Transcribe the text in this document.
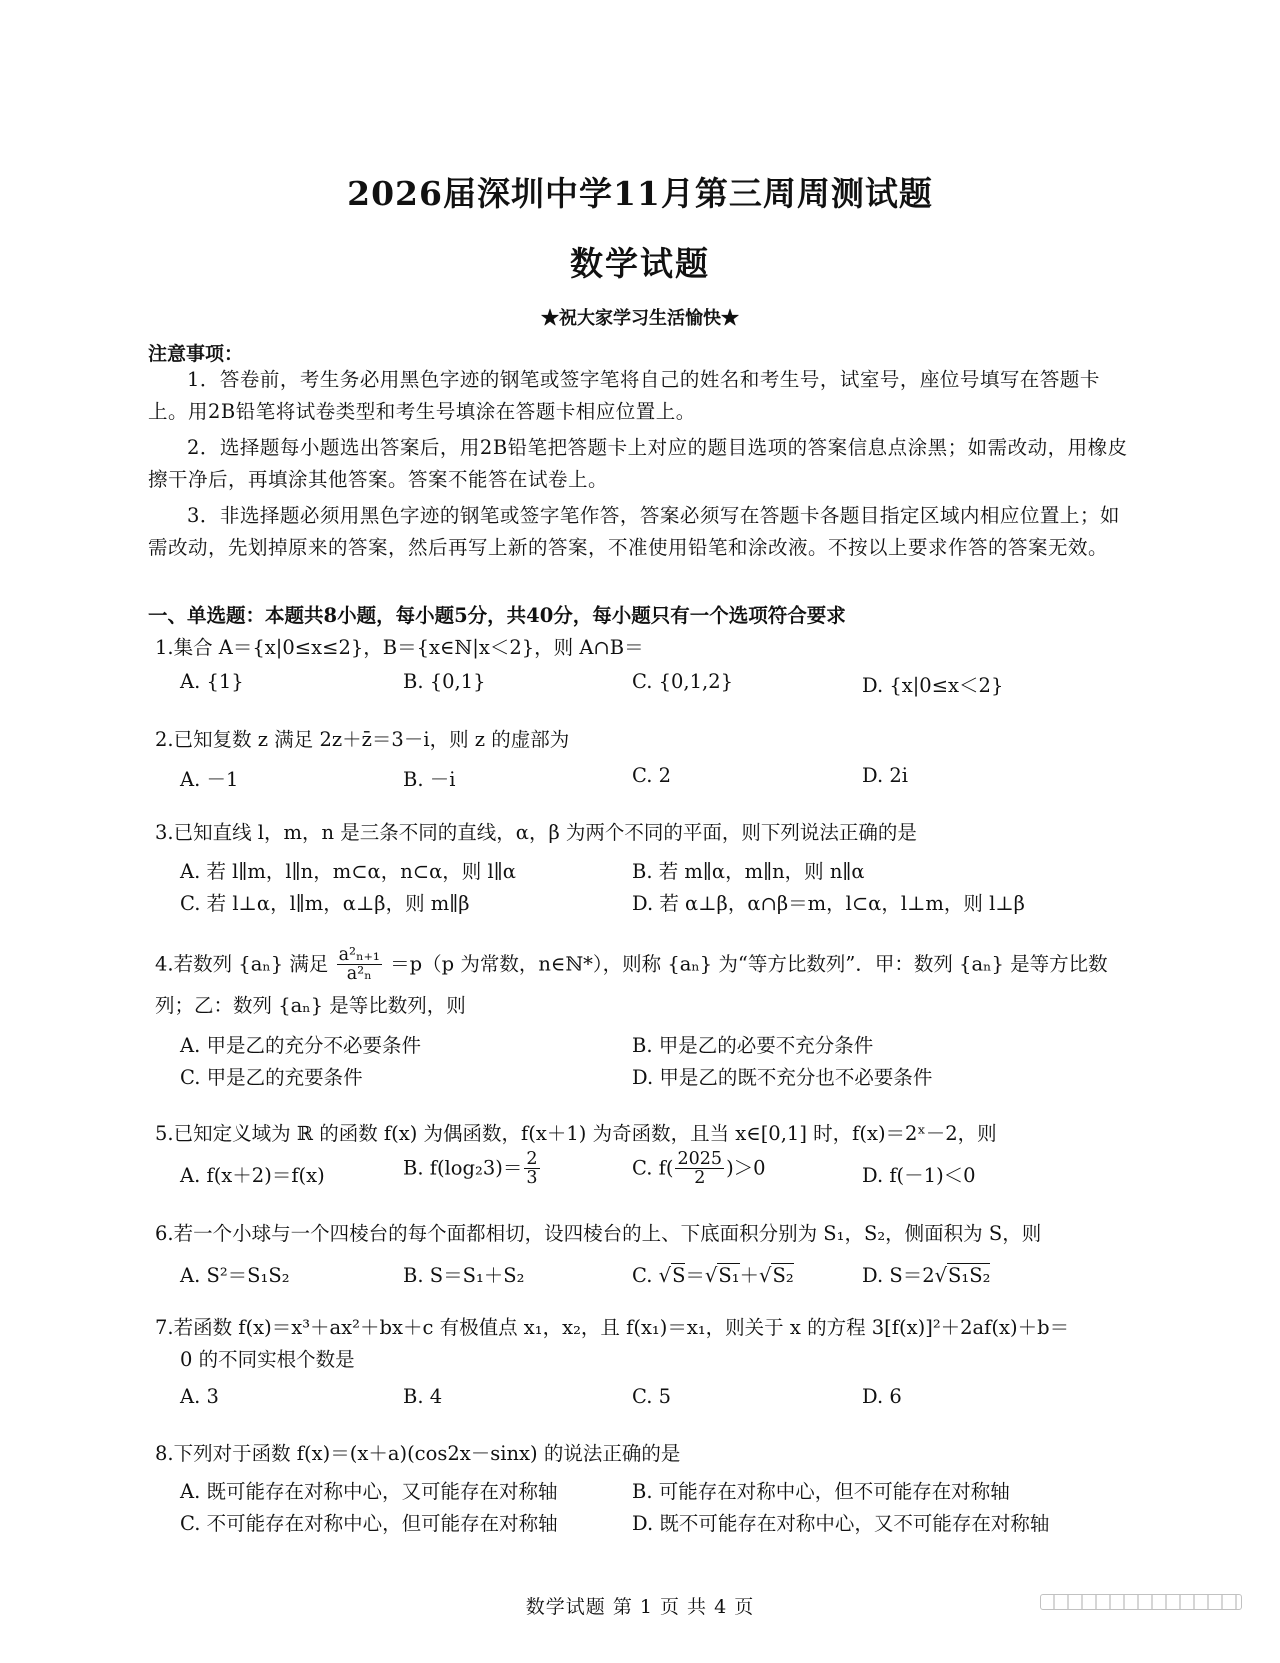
2026届深圳中学11月第三周周测试题
数学试题
★祝大家学习生活愉快★
注意事项：
1．答卷前，考生务必用黑色字迹的钢笔或签字笔将自己的姓名和考生号，试室号，座位号填写在答题卡上。用2B铅笔将试卷类型和考生号填涂在答题卡相应位置上。
2．选择题每小题选出答案后，用2B铅笔把答题卡上对应的题目选项的答案信息点涂黑；如需改动，用橡皮擦干净后，再填涂其他答案。答案不能答在试卷上。
3．非选择题必须用黑色字迹的钢笔或签字笔作答，答案必须写在答题卡各题目指定区域内相应位置上；如需改动，先划掉原来的答案，然后再写上新的答案，不准使用铅笔和涂改液。不按以上要求作答的答案无效。
一、单选题：本题共8小题，每小题5分，共40分，每小题只有一个选项符合要求
1.集合 A＝{x|0≤x≤2}，B＝{x∈ℕ|x＜2}，则 A∩B＝
A. {1}	B. {0,1}	C. {0,1,2}	D. {x|0≤x＜2}
2.已知复数 z 满足 2z＋z̄＝3－i，则 z 的虚部为
A. －1	B. －i	C. 2	D. 2i
3.已知直线 l，m，n 是三条不同的直线，α，β 为两个不同的平面，则下列说法正确的是
A. 若 l∥m，l∥n，m⊂α，n⊂α，则 l∥α	B. 若 m∥α，m∥n，则 n∥α
C. 若 l⊥α，l∥m，α⊥β，则 m∥β	D. 若 α⊥β，α∩β＝m，l⊂α，l⊥m，则 l⊥β
4.若数列 {aₙ} 满足 $\frac{\text{a²ₙ₊₁}}{\text{a²ₙ}} =p(p$ 为常数，n∈ℕ*），则称 {aₙ} 为“等方比数列”．甲：数列 {aₙ} 是等方比数
列；乙：数列 {aₙ} 是等比数列，则
A. 甲是乙的充分不必要条件	B. 甲是乙的必要不充分条件
C. 甲是乙的充要条件	D. 甲是乙的既不充分也不必要条件
5.已知定义域为 ℝ 的函数 f(x) 为偶函数，f(x＋1) 为奇函数，且当 x∈[0,1] 时，f(x)＝2ˣ－2，则
A. f(x＋2)＝f(x)	B. $f(\log_23)= \frac{2}{3}$	C. $f( \frac{2025}{2} )>0$	D. f(－1)＜0
6.若一个小球与一个四棱台的每个面都相切，设四棱台的上、下底面积分别为 S₁，S₂，侧面积为 S，则
A. S²＝S₁S₂	B. S＝S₁＋S₂	C. √S＝√S₁＋√S₂	D. S＝2√S₁S₂
7.若函数 f(x)＝x³＋ax²＋bx＋c 有极值点 x₁，x₂，且 f(x₁)＝x₁，则关于 x 的方程 3[f(x)]²＋2af(x)＋b＝
0 的不同实根个数是
A. 3	B. 4	C. 5	D. 6
8.下列对于函数 f(x)＝(x＋a)(cos2x－sinx) 的说法正确的是
A. 既可能存在对称中心，又可能存在对称轴	B. 可能存在对称中心，但不可能存在对称轴
C. 不可能存在对称中心，但可能存在对称轴	D. 既不可能存在对称中心，又不可能存在对称轴
数学试题 第 1 页 共 4 页
